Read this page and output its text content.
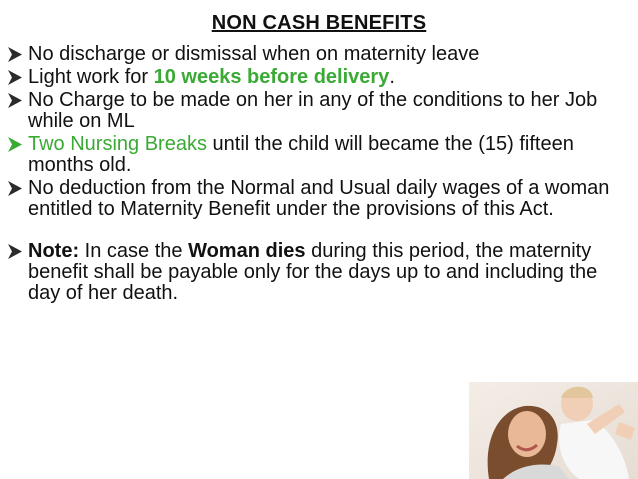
NON CASH BENEFITS
No discharge or dismissal when on maternity leave
Light work for 10 weeks before delivery.
No Charge to be made on her in any of the conditions to her Job while on ML
Two Nursing Breaks until the child will became the (15) fifteen months old.
No deduction from the Normal and Usual daily wages of a woman entitled to Maternity Benefit under the provisions of this Act.
Note: In case the Woman dies during this period, the maternity benefit shall be payable only for the days up to and including the day of her death.
